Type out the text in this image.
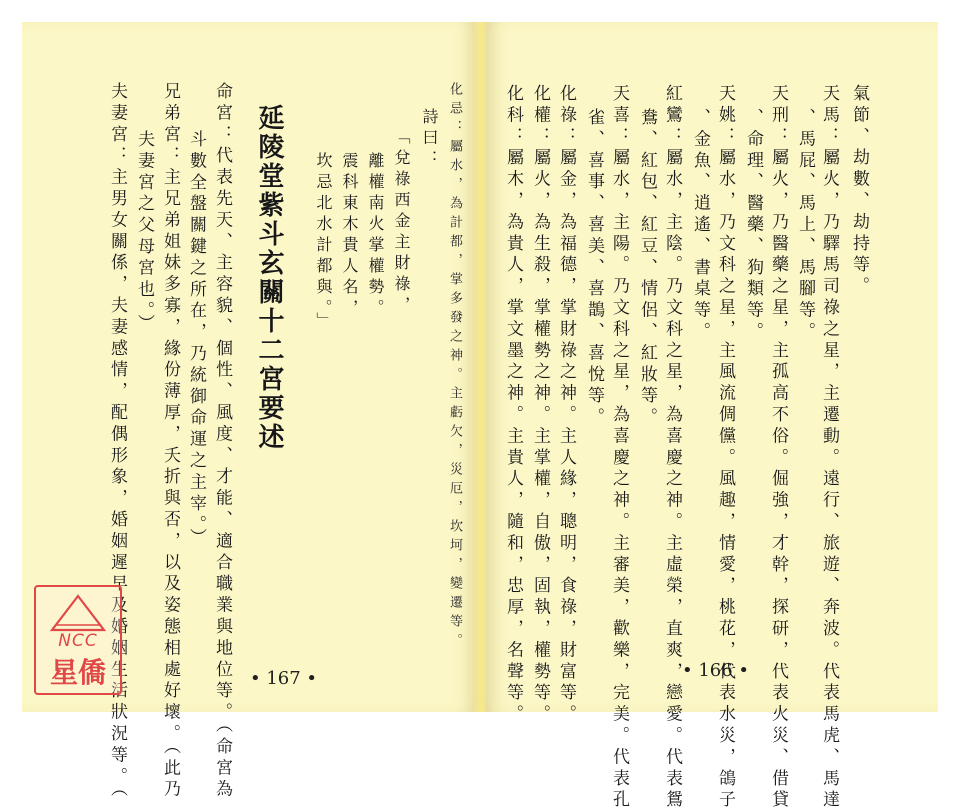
氣節、劫數、劫持等。
天馬：屬火，乃驛馬司祿之星，主遷動。遠行、旅遊、奔波。代表馬虎、馬達
、馬屁、馬上、馬腳等。
天刑：屬火，乃醫藥之星，主孤高不俗。倔強，才幹，探研，代表火災、借貸
、命理、醫藥、狗類等。
天姚：屬水，乃文科之星，主風流倜儻。風趣，情愛，桃花，代表水災，鴿子
、金魚、逍遙、書桌等。
紅鸞：屬水，主陰。乃文科之星，為喜慶之神。主虛榮，直爽，戀愛。代表鴛
鴦、紅包、紅豆、情侶、紅妝等。
天喜：屬水，主陽。乃文科之星，為喜慶之神。主審美，歡樂，完美。代表孔
雀、喜事、喜美、喜鵲、喜悅等。
化祿：屬金，為福德，掌財祿之神。主人緣，聰明，食祿，財富等。
化權：屬火，為生殺，掌權勢之神。主掌權，自傲，固執，權勢等。
化科：屬木，為貴人，掌文墨之神。主貴人，隨和，忠厚，名聲等。	• 166 •
化忌：屬水，為計都，掌多發之神。主虧欠，災厄，坎坷，變遷等。
詩曰：
「兌祿西金主財祿，
離權南火掌權勢。
震科東木貴人名，
坎忌北水計都與。」
延陵堂紫斗玄關十二宮要述
命宮：代表先天、主容貌、個性、風度、才能、適合職業與地位等。（命宮為
斗數全盤關鍵之所在，乃統御命運之主宰。）
兄弟宮：主兄弟姐妹多寡，緣份薄厚，夭折與否，以及姿態相處好壞。（此乃
夫妻宮之父母宮也。）
夫妻宮：主男女關係，夫妻感情，配偶形象，婚姻遲早及婚姻生活狀況等。（	• 167 •
NCC
星僑
